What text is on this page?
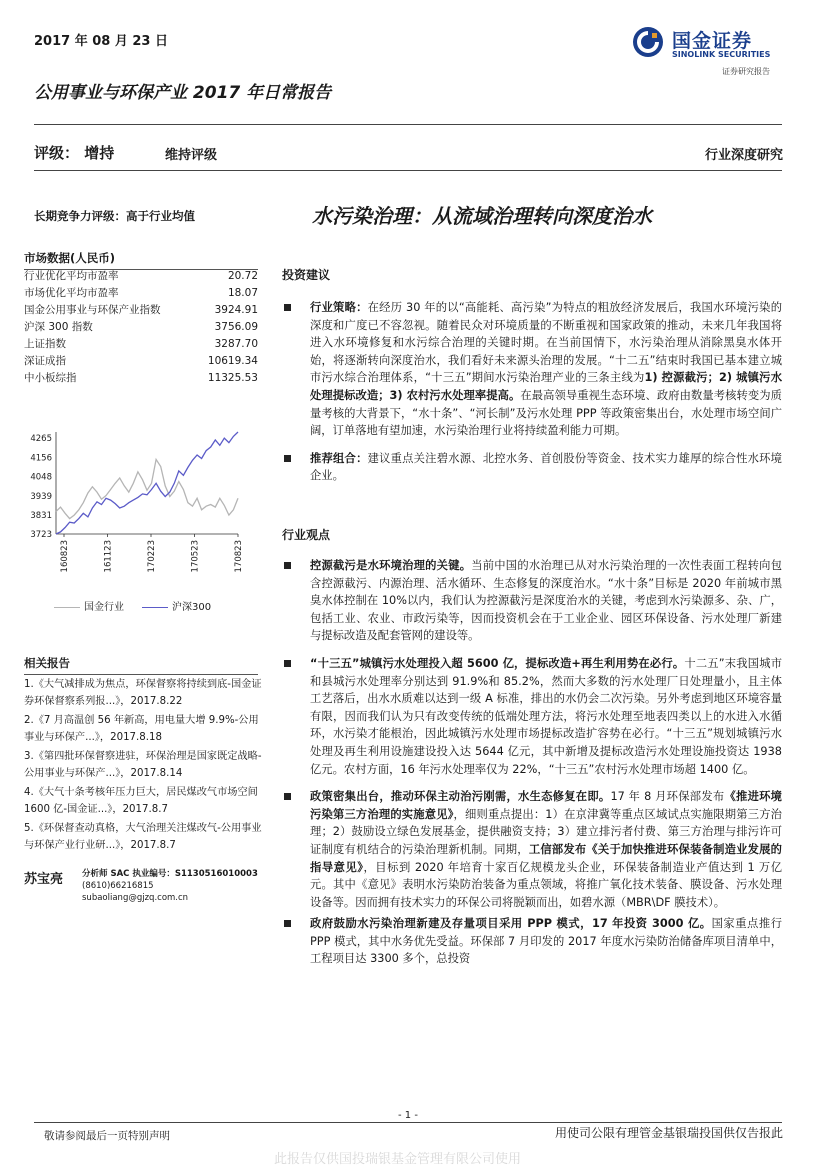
2017 年 08 月 23 日	国金证券
SINOLINK SECURITIES
证券研究报告
公用事业与环保产业 2017 年日常报告
评级： 增持	维持评级	行业深度研究
长期竞争力评级：高于行业均值	水污染治理：从流域治理转向深度治水
市场数据(人民币)
行业优化平均市盈率	20.72
市场优化平均市盈率	18.07
国金公用事业与环保产业指数	3924.91
沪深 300 指数	3756.09
上证指数	3287.70
深证成指	10619.34
中小板综指	11325.53
3723
3831
3939
4048
4156
4265
160823	161123	170223	170523	170823
国金行业	沪深300
相关报告
1.《大气减排成为焦点，环保督察将持续到底-国金证券环保督察系列报...》，2017.8.22
2.《7 月高温创 56 年新高，用电量大增 9.9%-公用事业与环保产...》，2017.8.18
3.《第四批环保督察进驻，环保治理是国家既定战略-公用事业与环保产...》，2017.8.14
4.《大气十条考核年压力巨大，居民煤改气市场空间 1600 亿-国金证...》，2017.8.7
5.《环保督查动真格，大气治理关注煤改气-公用事业与环保产业行业研...》，2017.8.7
苏宝亮	分析师 SAC 执业编号：S1130516010003
(8610)66216815
subaoliang@gjzq.com.cn
投资建议
行业策略：在经历 30 年的以“高能耗、高污染”为特点的粗放经济发展后，我国水环境污染的深度和广度已不容忽视。随着民众对环境质量的不断重视和国家政策的推动，未来几年我国将进入水环境修复和水污综合治理的关键时期。在当前国情下，水污染治理从消除黑臭水体开始，将逐渐转向深度治水，我们看好未来源头治理的发展。“十二五”结束时我国已基本建立城市污水综合治理体系，“十三五”期间水污染治理产业的三条主线为1) 控源截污；2) 城镇污水处理提标改造；3) 农村污水处理率提高。在最高领导重视生态环境、政府由数量考核转变为质量考核的大背景下，“水十条”、“河长制”及污水处理 PPP 等政策密集出台，水处理市场空间广阔，订单落地有望加速，水污染治理行业将持续盈利能力可期。
推荐组合：建议重点关注碧水源、北控水务、首创股份等资金、技术实力雄厚的综合性水环境企业。
行业观点
控源截污是水环境治理的关键。当前中国的水治理已从对水污染治理的一次性表面工程转向包含控源截污、内源治理、活水循环、生态修复的深度治水。“水十条”目标是 2020 年前城市黑臭水体控制在 10%以内，我们认为控源截污是深度治水的关键，考虑到水污染源多、杂、广，包括工业、农业、市政污染等，因而投资机会在于工业企业、园区环保设备、污水处理厂新建与提标改造及配套管网的建设等。
“十三五”城镇污水处理投入超 5600 亿，提标改造+再生利用势在必行。十二五”末我国城市和县城污水处理率分别达到 91.9%和 85.2%，然而大多数的污水处理厂日处理量小，且主体工艺落后，出水水质难以达到一级 A 标准，排出的水仍会二次污染。另外考虑到地区环境容量有限，因而我们认为只有改变传统的低端处理方法，将污水处理至地表四类以上的水进入水循环，水污染才能根治，因此城镇污水处理市场提标改造扩容势在必行。“十三五”规划城镇污水处理及再生利用设施建设投入达 5644 亿元，其中新增及提标改造污水处理设施投资达 1938 亿元。农村方面，16 年污水处理率仅为 22%，“十三五”农村污水处理市场超 1400 亿。
政策密集出台，推动环保主动治污刚需，水生态修复在即。17 年 8 月环保部发布《推进环境污染第三方治理的实施意见》，细则重点提出：1）在京津冀等重点区域试点实施限期第三方治理；2）鼓励设立绿色发展基金，提供融资支持；3）建立排污者付费、第三方治理与排污许可证制度有机结合的污染治理新机制。同期，工信部发布《关于加快推进环保装备制造业发展的指导意见》，目标到 2020 年培育十家百亿规模龙头企业，环保装备制造业产值达到 1 万亿元。其中《意见》表明水污染防治装备为重点领域，将推广氧化技术装备、膜设备、污水处理设备等。因而拥有技术实力的环保公司将脱颖而出，如碧水源（MBR\DF 膜技术）。
政府鼓励水污染治理新建及存量项目采用 PPP 模式，17 年投资 3000 亿。国家重点推行 PPP 模式，其中水务优先受益。环保部 7 月印发的 2017 年度水污染防治储备库项目清单中，工程项目达 3300 多个，总投资
- 1 -
敬请参阅最后一页特别声明	用使司公限有理管金基银瑞投国供仅告报此
此报告仅供国投瑞银基金管理有限公司使用
